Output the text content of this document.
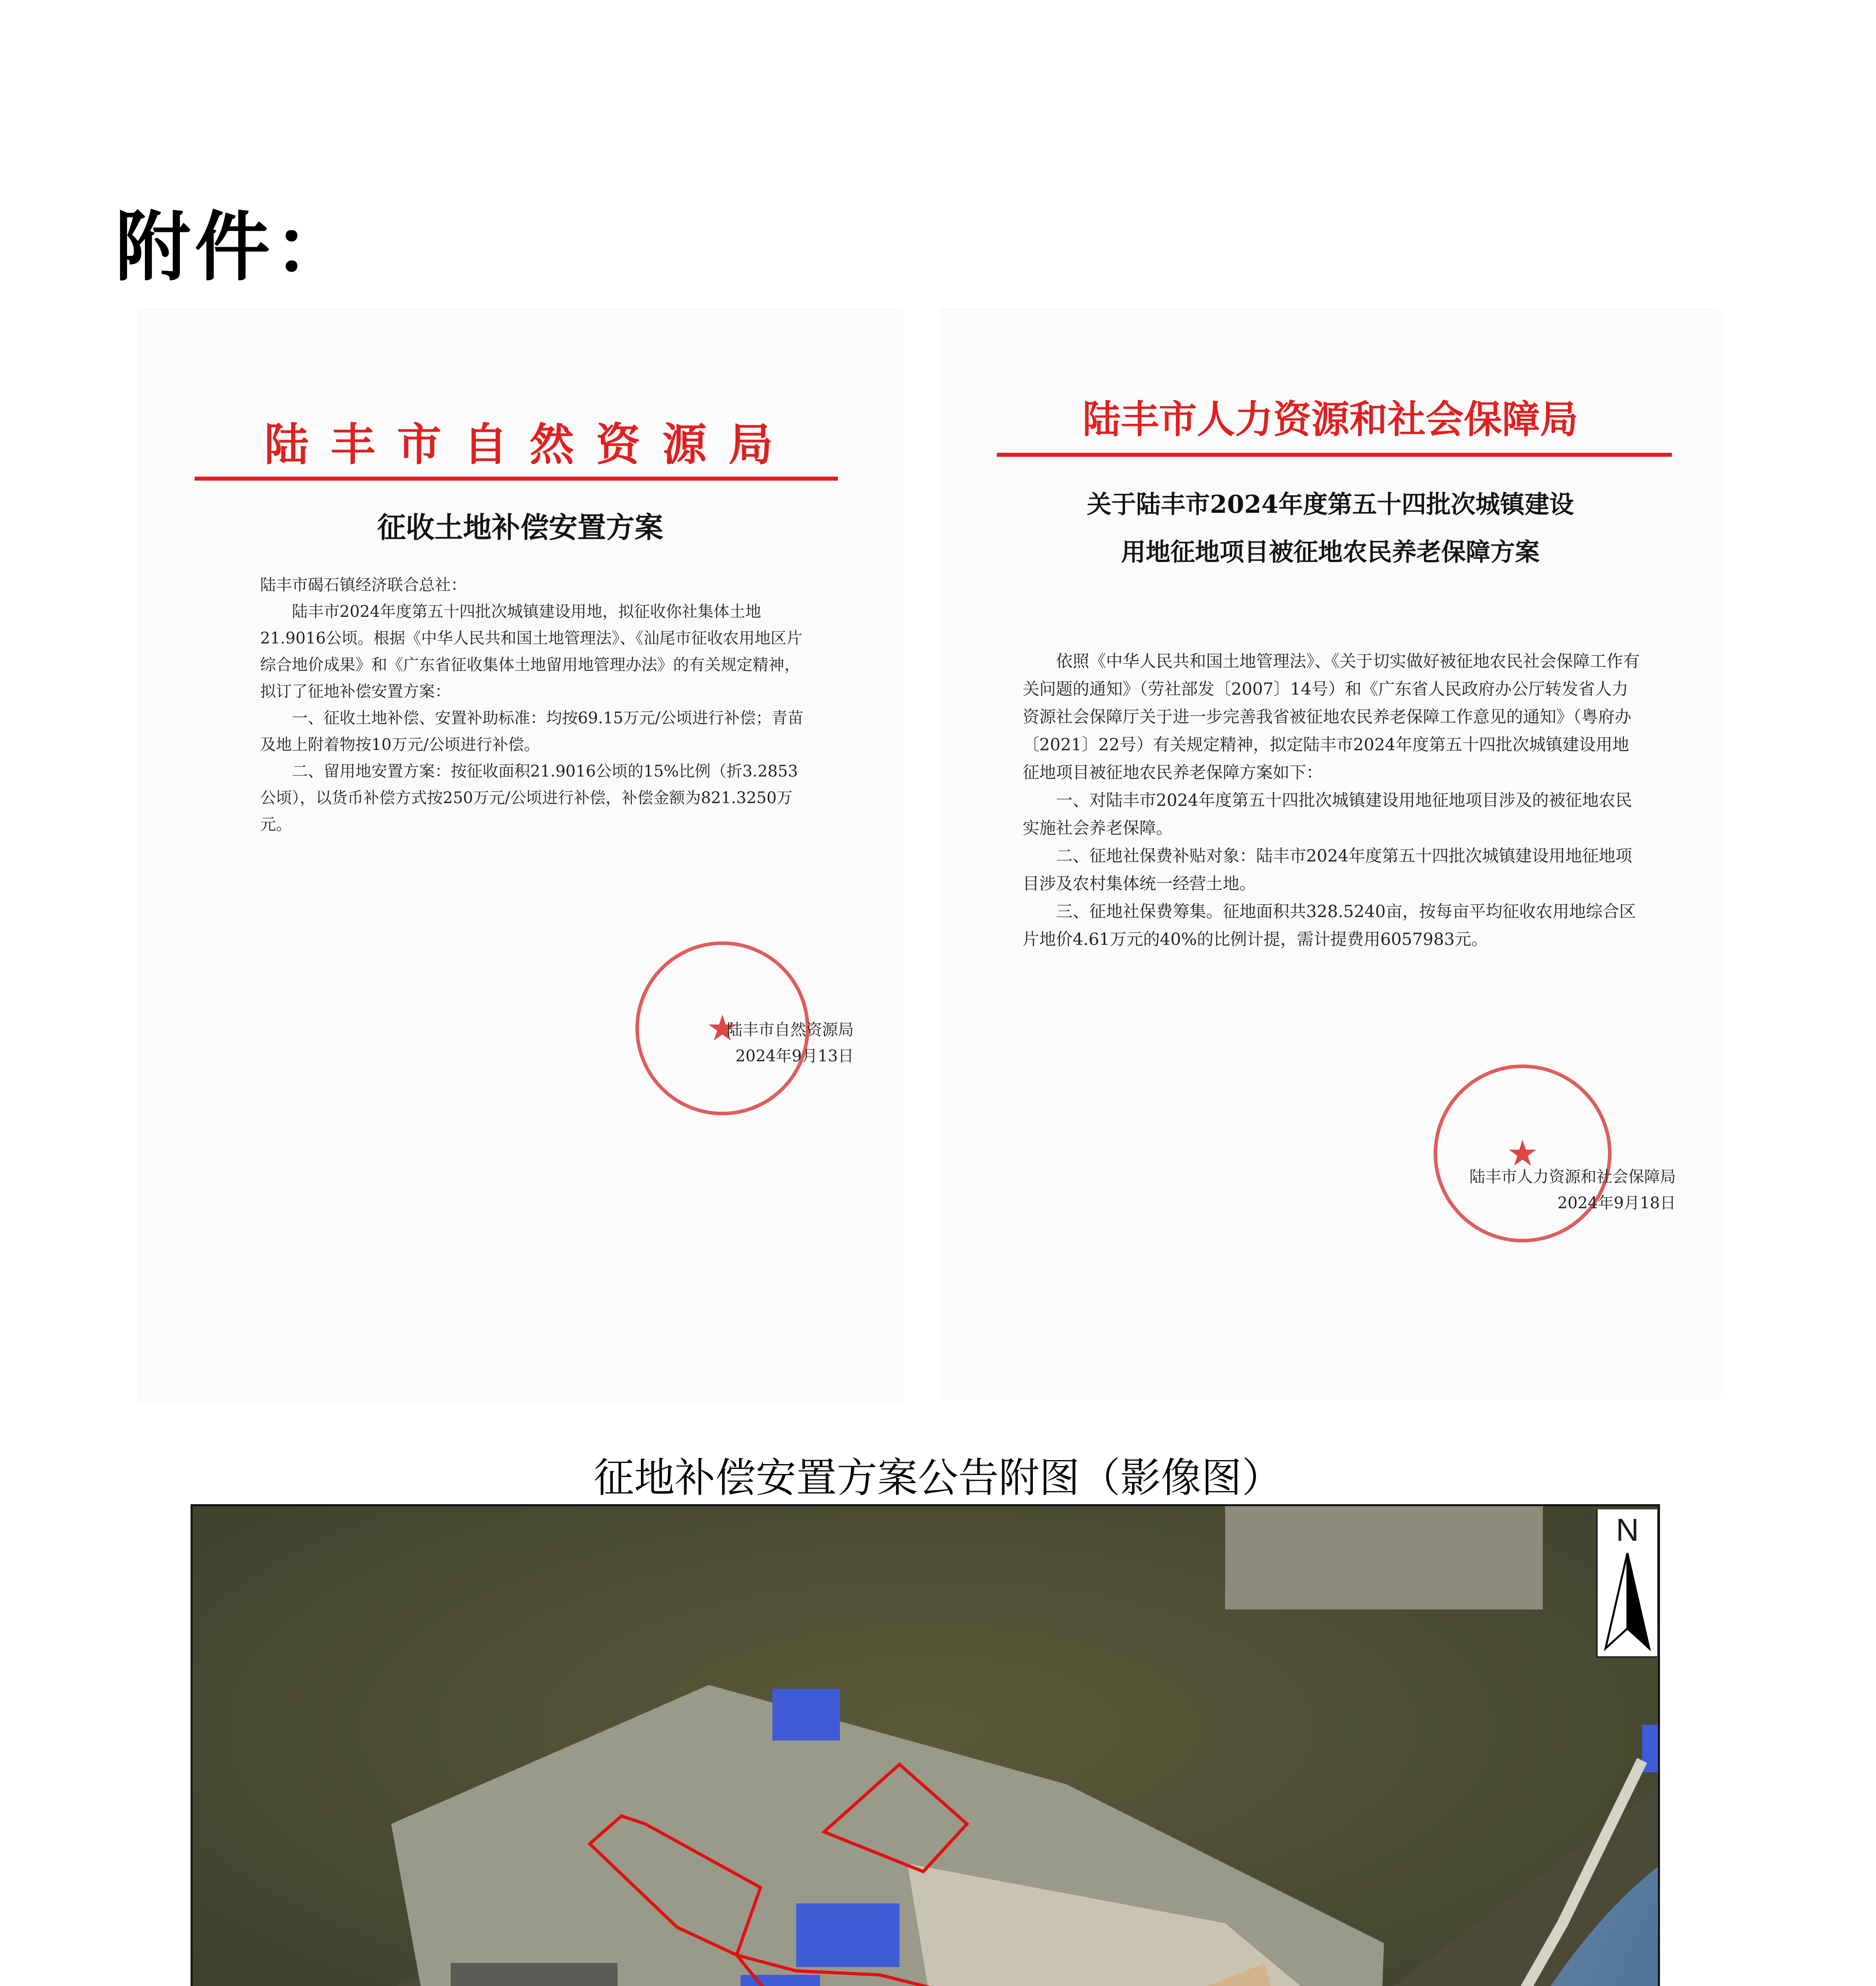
附件：
陆 丰 市 自 然 资 源 局
征收土地补偿安置方案

陆丰市碣石镇经济联合总社：

陆丰市2024年度第五十四批次城镇建设用地，拟征收你社集体土地21.9016公顷。根据《中华人民共和国土地管理法》、《汕尾市征收农用地区片综合地价成果》和《广东省征收集体土地留用地管理办法》的有关规定精神，拟订了征地补偿安置方案：

一、征收土地补偿、安置补助标准：均按69.15万元/公顷进行补偿；青苗及地上附着物按10万元/公顷进行补偿。

二、留用地安置方案：按征收面积21.9016公顷的15%比例（折3.2853公顷），以货币补偿方式按250万元/公顷进行补偿，补偿金额为821.3250万元。

★
陆丰市自然资源局
2024年9月13日
陆丰市人力资源和社会保障局
关于陆丰市2024年度第五十四批次城镇建设
用地征地项目被征地农民养老保障方案

依照《中华人民共和国土地管理法》、《关于切实做好被征地农民社会保障工作有关问题的通知》（劳社部发〔2007〕14号）和《广东省人民政府办公厅转发省人力资源社会保障厅关于进一步完善我省被征地农民养老保障工作意见的通知》（粤府办〔2021〕22号）有关规定精神，拟定陆丰市2024年度第五十四批次城镇建设用地征地项目被征地农民养老保障方案如下：

一、对陆丰市2024年度第五十四批次城镇建设用地征地项目涉及的被征地农民实施社会养老保障。

二、征地社保费补贴对象：陆丰市2024年度第五十四批次城镇建设用地征地项目涉及农村集体统一经营土地。

三、征地社保费筹集。征地面积共328.5240亩，按每亩平均征收农用地综合区片地价4.61万元的40%的比例计提，需计提费用6057983元。

★
陆丰市人力资源和社会保障局
2024年9月18日
征地补偿安置方案公告附图（影像图）
N
